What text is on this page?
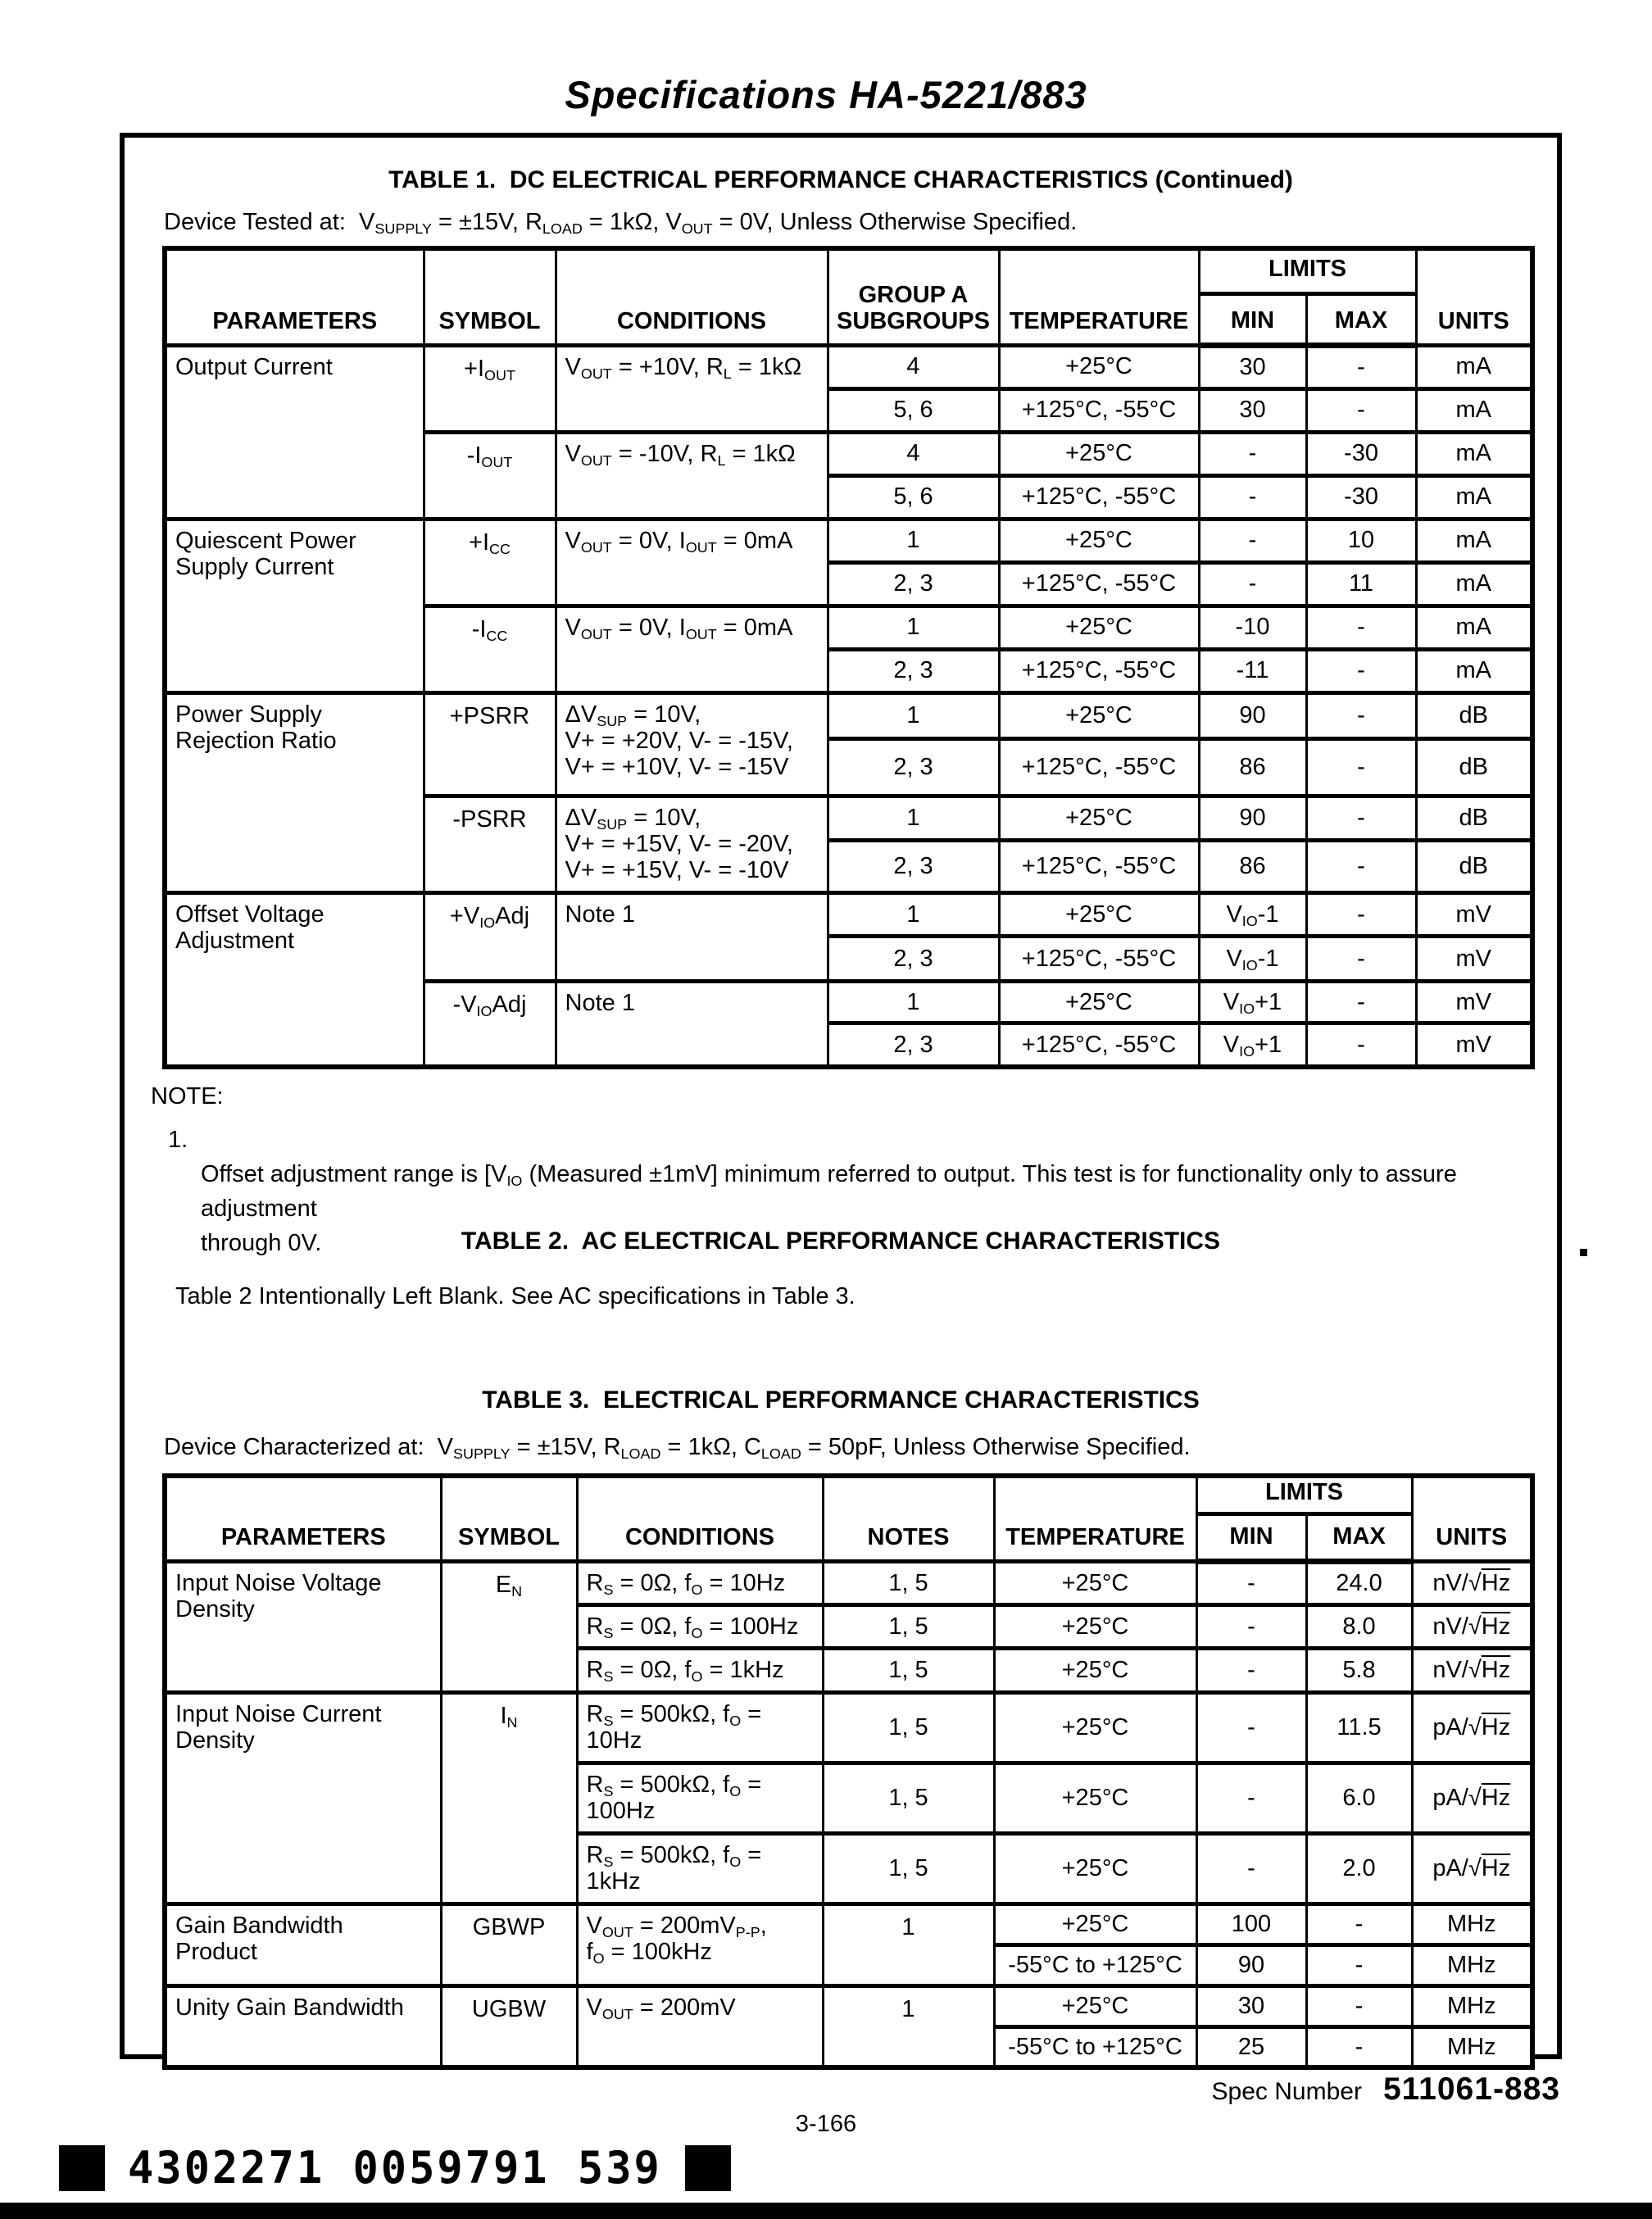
Specifications HA-5221/883
TABLE 1.  DC ELECTRICAL PERFORMANCE CHARACTERISTICS (Continued)
Device Tested at:  $V_{SUPPLY} = \pm 15V$, $R_{LOAD} = 1k\Omega$, $V_{OUT} = 0V$, Unless Otherwise Specified.
PARAMETERS	SYMBOL	CONDITIONS	GROUP A
SUBGROUPS	TEMPERATURE	LIMITS		UNITS
					MIN	MAX	
Output Current	$+I_{OUT}$	$V_{OUT} = +10V$, $R_L = 1k\Omega$	4	+25°C	30	-	mA
			5, 6	+125°C, -55°C	30	-	mA
	$-I_{OUT}$	$V_{OUT} = -10V$, $R_L = 1k\Omega$	4	+25°C	-	-30	mA
			5, 6	+125°C, -55°C	-	-30	mA
Quiescent Power Supply Current	$+I_{CC}$	$V_{OUT} = 0V$, $I_{OUT} = 0mA$	1	+25°C	-	10	mA
			2, 3	+125°C, -55°C	-	11	mA
	$-I_{CC}$	$V_{OUT} = 0V$, $I_{OUT} = 0mA$	1	+25°C	-10	-	mA
			2, 3	+125°C, -55°C	-11	-	mA
Power Supply Rejection Ratio	+PSRR	$\Delta V_{SUP} = 10V$,
V+ = +20V, V- = -15V,
V+ = +10V, V- = -15V	1	+25°C	90	-	dB
			2, 3	+125°C, -55°C	86	-	dB
	-PSRR	$\Delta V_{SUP} = 10V$,
V+ = +15V, V- = -20V,
V+ = +15V, V- = -10V	1	+25°C	90	-	dB
			2, 3	+125°C, -55°C	86	-	dB
Offset Voltage Adjustment	$+V_{IO}Adj$	Note 1	1	+25°C	$V_{IO}-1$	-	mV
			2, 3	+125°C, -55°C	$V_{IO}-1$	-	mV
	$-V_{IO}Adj$	Note 1	1	+25°C	$V_{IO}+1$	-	mV
			2, 3	+125°C, -55°C	$V_{IO}+1$	-	mV
NOTE:

1.
Offset adjustment range is [$V_{IO}$ (Measured ±1mV] minimum referred to output. This test is for functionality only to assure adjustment
through 0V.	TABLE 2.  AC ELECTRICAL PERFORMANCE CHARACTERISTICS
Table 2 Intentionally Left Blank. See AC specifications in Table 3.
TABLE 3.  ELECTRICAL PERFORMANCE CHARACTERISTICS
Device Characterized at:  $V_{SUPPLY} = \pm 15V$, $R_{LOAD} = 1k\Omega$, $C_{LOAD} = 50pF$, Unless Otherwise Specified.
PARAMETERS	SYMBOL	CONDITIONS	NOTES	TEMPERATURE	LIMITS		UNITS
					MIN	MAX	
Input Noise Voltage Density	$E_N$	$R_S = 0\Omega$, $f_O = 10Hz$	1, 5	+25°C	-	24.0	nV/√Hz
		$R_S = 0\Omega$, $f_O = 100Hz$	1, 5	+25°C	-	8.0	nV/√Hz
		$R_S = 0\Omega$, $f_O = 1kHz$	1, 5	+25°C	-	5.8	nV/√Hz
Input Noise Current Density	$I_N$	$R_S = 500k\Omega$, $f_O = 10Hz$	1, 5	+25°C	-	11.5	pA/√Hz
		$R_S = 500k\Omega$, $f_O = 100Hz$	1, 5	+25°C	-	6.0	pA/√Hz
		$R_S = 500k\Omega$, $f_O = 1kHz$	1, 5	+25°C	-	2.0	pA/√Hz
Gain Bandwidth Product	GBWP	$V_{OUT} = 200mV_{P-P}$,
$f_O = 100kHz$	1	+25°C	100	-	MHz
				-55°C to +125°C	90	-	MHz
Unity Gain Bandwidth	UGBW	$V_{OUT} = 200mV$	1	+25°C	30	-	MHz
				-55°C to +125°C	25	-	MHz
Spec Number 511061-883
3-166
4302271 0059791 539
